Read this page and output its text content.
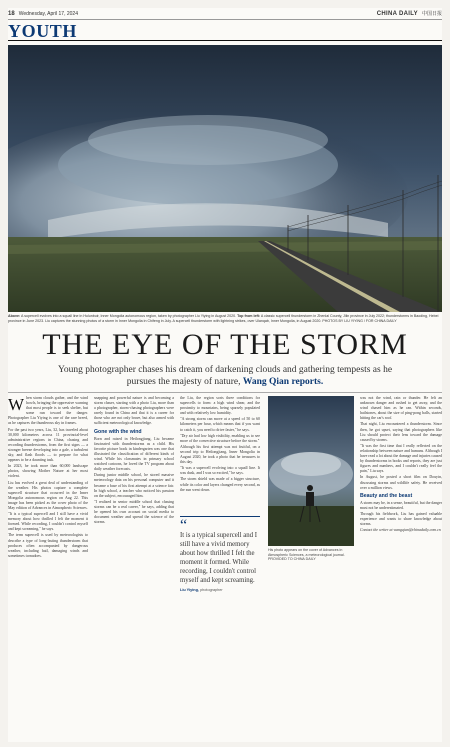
18 Wednesday, April 17, 2024	CHINA DAILY 中国日报
YOUTH
Above: A supercell evolves into a squall line in Hulunbuir, Inner Mongolia autonomous region, taken by photographer Liu Yiying in August 2020. Top from left: A classic supercell thunderstorm in Zhenlai County, Jilin province in July 2022; thunderstorms in Baoding, Hebei province in June 2023. Liu captures the stunning photos of a storm in Inner Mongolia in Chifeng in July. A supercell thunderstorm with lightning strikes, over Ulanqab, Inner Mongolia, in August 2020. PHOTOS BY LIU YIYING / FOR CHINA DAILY
THE EYE OF THE STORM
Young photographer chases his dream of darkening clouds and gathering tempests as he pursues the majesty of nature, Wang Qian reports.

When storm clouds gather, and the wind howls, bringing the oppressive warning that most people is to seek shelter, but some run toward the danger. Photographer Liu Yiying is one of the rare breed, as he captures the thunderous sky in frames.

For the past two years, Liu, 32, has traveled about 30,000 kilometers across 11 provincial-level administrative regions in China, chasing and recording thunderstorms, from the first signs — a stronger breeze developing into a gale, a turbulent sky, and flash floods — to prepare for what appears to be a daunting task.

In 2023, he took more than 60,000 landscape photos, showing Mother Nature at her most violent.

Liu has evolved a great deal of understanding of the weather. His photos capture a complete supercell structure that occurred in the Inner Mongolia autonomous region on Aug 22. This image has been picked as the cover photo of the May edition of Advances in Atmospheric Sciences.

"It is a typical supercell and I still have a vivid memory about how thrilled I felt the moment it formed. While recording, I couldn't control myself and kept screaming," he says.

The term supercell is used by meteorologists to describe a type of long-lasting thunderstorm that produces often accompanied by dangerous weather, including hail, damaging winds and sometimes tornadoes.

snapping and powerful nature is and becoming a storm chaser, starting with a photo Liu, more than a photographer, storm-chasing photographers were rarely found in China and that it is a career for those who are not only brave, but also armed with sufficient meteorological knowledge.

Gone with the wind

Born and raised in Heilongjiang, Liu became fascinated with thunderstorms as a child. His favorite picture book in kindergarten was one that illustrated the classification of different kinds of wind. While his classmates in primary school watched cartoons, he loved the TV program about daily weather forecasts.

During junior middle school, he stored massive meteorology data on his personal computer and it became a base of his first attempt at a science fair. In high school, a teacher who noticed his passion on the subject, encouraged him.

"I realized in senior middle school that chasing storms can be a real career," he says, adding that he opened his own account on social media to document weather and spread the science of the storms.

the Liu, the region sorts three conditions for supercells to form: a high wind shear, and the proximity to mountains, being sparsely populated and with relatively low humidity.

"A strong storm can move at a speed of 50 to 60 kilometers per hour, which means that if you want to catch it, you need to drive faster," he says.

"Dry air had low high visibility, enabling us to see more of the convective structure before the storm."

Although his first attempt was not fruitful, on a second trip to Heilongjiang, Inner Mongolia in August 2020, he took a photo that he treasures to this day.

"It was a supercell evolving into a squall line. It was dusk, and I was so excited," he says.

The storm shield was made of a bigger structure, while its color and layers changed every second, as the sun went down.

“
It is a typical supercell and I still have a vivid memory about how thrilled I felt the moment it formed. While recording, I couldn't control myself and kept screaming.
Liu Yiying, photographer
His photo appears on the cover of Advances in Atmospheric Sciences, a meteorological journal. PROVIDED TO CHINA DAILY

was not the wind, rain or thunder. He felt an unknown danger and rushed to get away, and the wind chased him as he ran. Within seconds, hailstones, about the size of ping-pong balls, started hitting the car's roof.

That night, Liu encountered a thunderstorm. Since then, he got upset, saying that photographers like Liu should protect their lens toward the damage caused by storms.

"It was the first time that I really reflected on the relationship between nature and humans. Although I have read a lot about the damage and injuries caused by thunderstorms in books and reports, they are just figures and numbers, and I couldn't really feel the pain," Liu says.

In August, he posted a short film on Douyin, discussing storms and wildlife safety. He received over a million views.

Beauty and the beast

A storm may be, in a sense, beautiful, but the danger must not be underestimated.

Through his fieldwork, Liu has gained valuable experience and wants to share knowledge about storms.

Contact the writer at wangqian@chinadaily.com.cn
